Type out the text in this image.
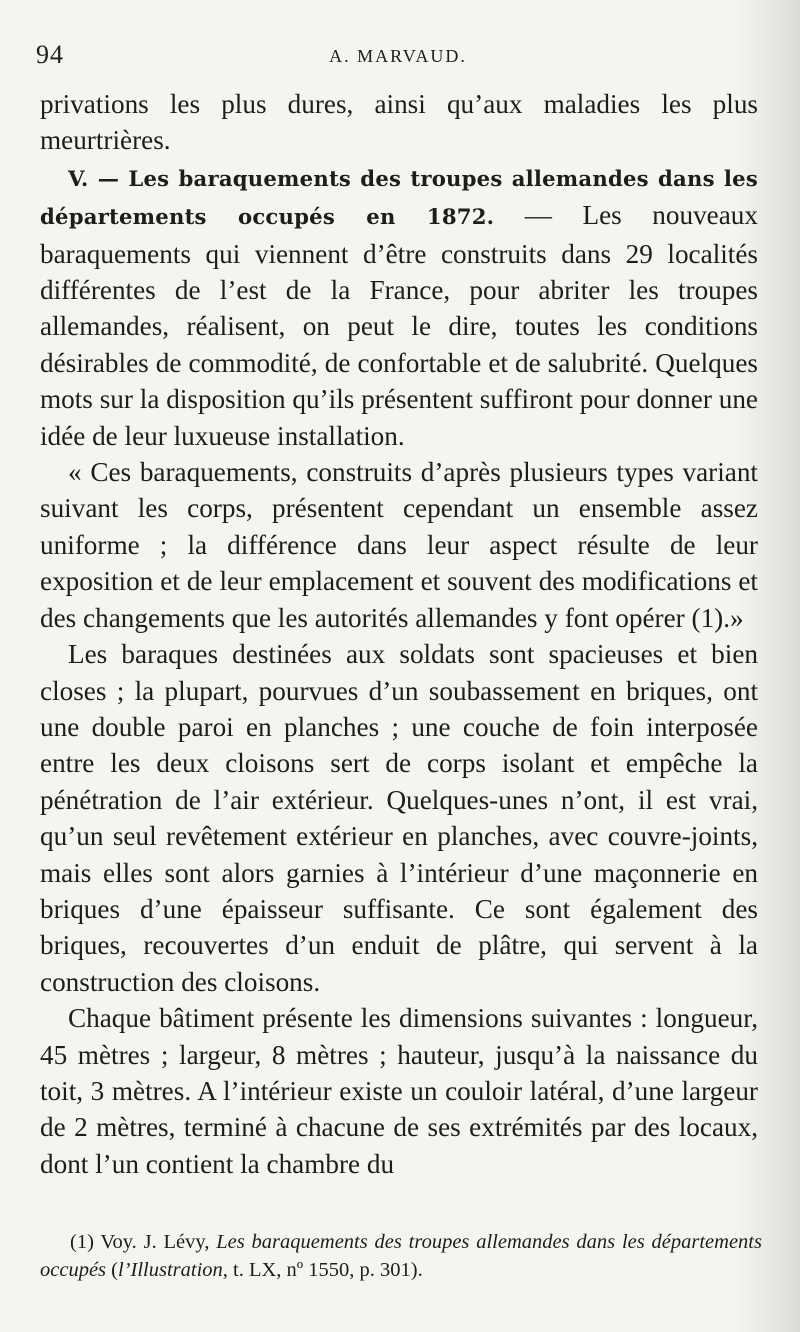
94	A. MARVAUD.

privations les plus dures, ainsi qu’aux maladies les plus meurtrières.

V. — Les baraquements des troupes allemandes dans les départements occupés en 1872. — Les nouveaux baraquements qui viennent d’être construits dans 29 localités différentes de l’est de la France, pour abriter les troupes allemandes, réalisent, on peut le dire, toutes les conditions désirables de commodité, de confortable et de salubrité. Quelques mots sur la disposition qu’ils présentent suffiront pour donner une idée de leur luxueuse installation.

« Ces baraquements, construits d’après plusieurs types variant suivant les corps, présentent cependant un ensemble assez uniforme ; la différence dans leur aspect résulte de leur exposition et de leur emplacement et souvent des modifications et des changements que les autorités allemandes y font opérer (1).»

Les baraques destinées aux soldats sont spacieuses et bien closes ; la plupart, pourvues d’un soubassement en briques, ont une double paroi en planches ; une couche de foin interposée entre les deux cloisons sert de corps isolant et empêche la pénétration de l’air extérieur. Quelques-unes n’ont, il est vrai, qu’un seul revêtement extérieur en planches, avec couvre-joints, mais elles sont alors garnies à l’intérieur d’une maçonnerie en briques d’une épaisseur suffisante. Ce sont également des briques, recouvertes d’un enduit de plâtre, qui servent à la construction des cloisons.

Chaque bâtiment présente les dimensions suivantes : longueur, 45 mètres ; largeur, 8 mètres ; hauteur, jusqu’à la naissance du toit, 3 mètres. A l’intérieur existe un couloir latéral, d’une largeur de 2 mètres, terminé à chacune de ses extrémités par des locaux, dont l’un contient la chambre du

(1) Voy. J. Lévy, Les baraquements des troupes allemandes dans les départements occupés (l’Illustration, t. LX, nº 1550, p. 301).
